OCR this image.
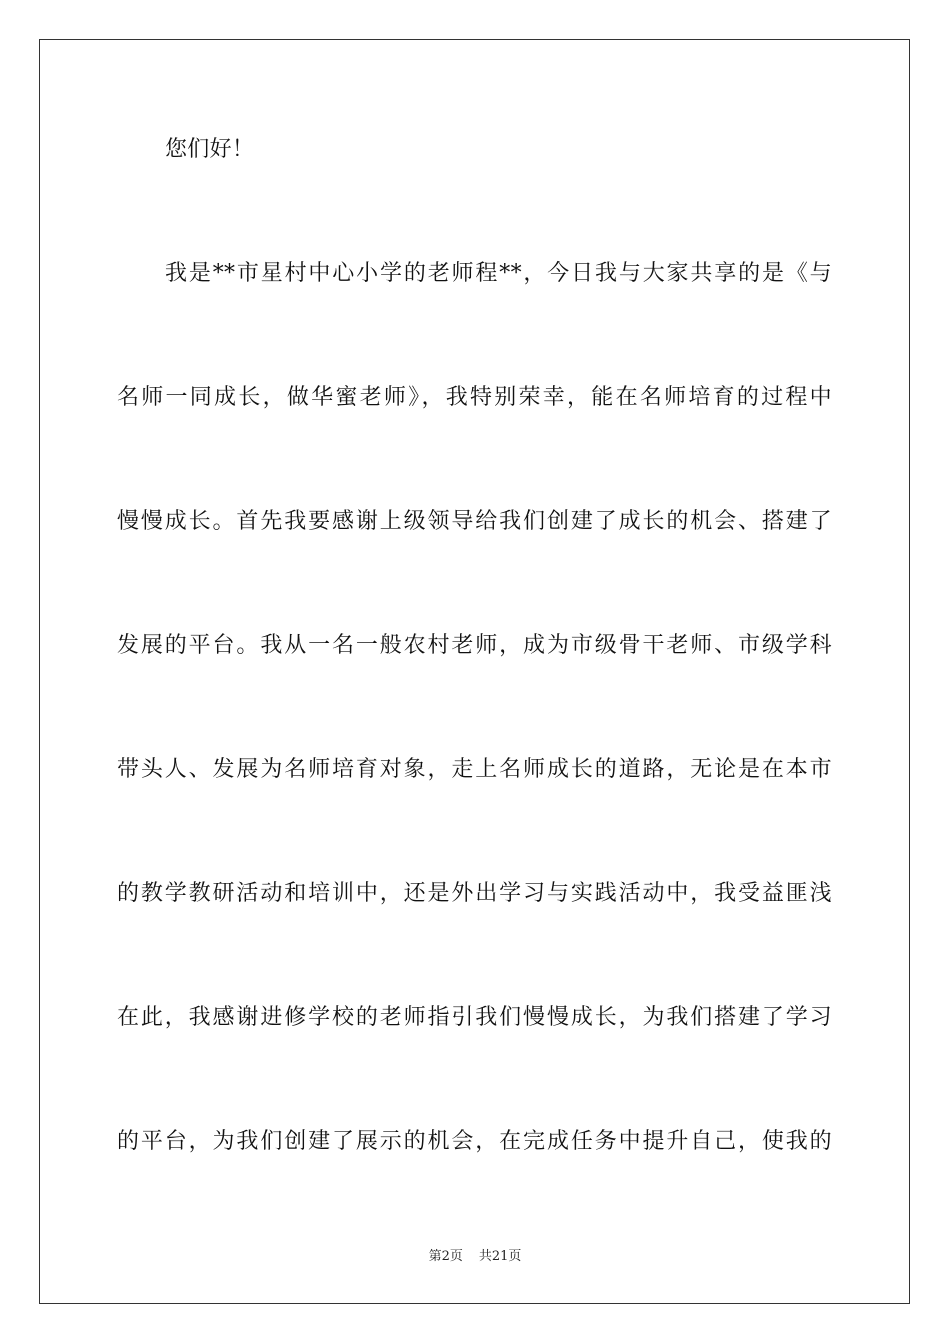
您们好！
我是**市星村中心小学的老师程**，今日我与大家共享的是《与
名师一同成长，做华蜜老师》，我特别荣幸，能在名师培育的过程中
慢慢成长。首先我要感谢上级领导给我们创建了成长的机会、搭建了
发展的平台。我从一名一般农村老师，成为市级骨干老师、市级学科
带头人、发展为名师培育对象，走上名师成长的道路，无论是在本市
的教学教研活动和培训中，还是外出学习与实践活动中，我受益匪浅
在此，我感谢进修学校的老师指引我们慢慢成长，为我们搭建了学习
的平台，为我们创建了展示的机会，在完成任务中提升自己，使我的
第2页 共21页
